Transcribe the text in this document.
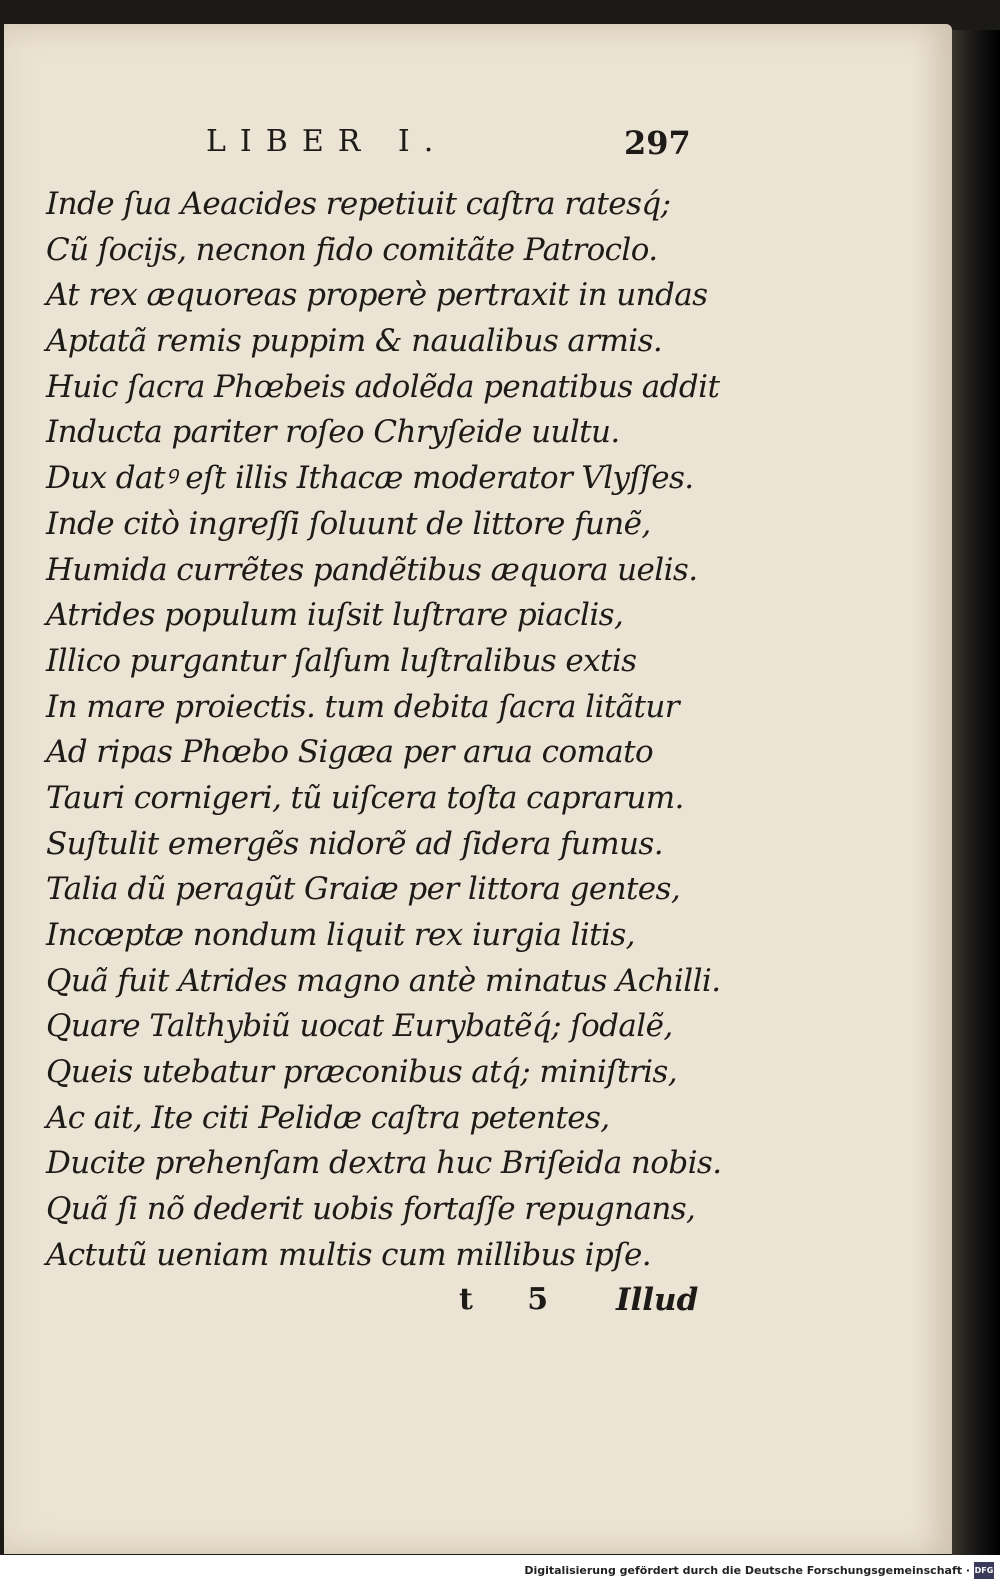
LIBER I.	297
Inde ſua Aeacides repetiuit caſtra ratesq́;
Cũ ſocijs, necnon fido comitãte Patroclo.
At rex æquoreas properè pertraxit in undas
Aptatã remis puppim & naualibus armis.
Huic ſacra Phœbeis adolẽda penatibus addit
Inducta pariter roſeo Chryſeide uultu.
Dux datꝰ eſt illis Ithacæ moderator Vlyſſes.
Inde citò ingreſſi ſoluunt de littore funẽ,
Humida currẽtes pandẽtibus æquora uelis.
Atrides populum iuſsit luſtrare piaclis,
Illico purgantur ſalſum luſtralibus extis
In mare proiectis. tum debita ſacra litãtur
Ad ripas Phœbo Sigæa per arua comato
Tauri cornigeri, tũ uiſcera toſta caprarum.
Suſtulit emergẽs nidorẽ ad ſidera fumus.
Talia dũ peragũt Graiæ per littora gentes,
Incœptæ nondum liquit rex iurgia litis,
Quã fuit Atrides magno antè minatus Achilli.
Quare Talthybiũ uocat Eurybatẽq́; ſodalẽ,
Queis utebatur præconibus atq́; miniſtris,
Ac ait, Ite citi Pelidæ caſtra petentes,
Ducite prehenſam dextra huc Briſeida nobis.
Quã ſi nõ dederit uobis fortaſſe repugnans,
Actutũ ueniam multis cum millibus ipſe.
t 5 Illud
Digitalisierung gefördert durch die Deutsche Forschungsgemeinschaft · DFG
